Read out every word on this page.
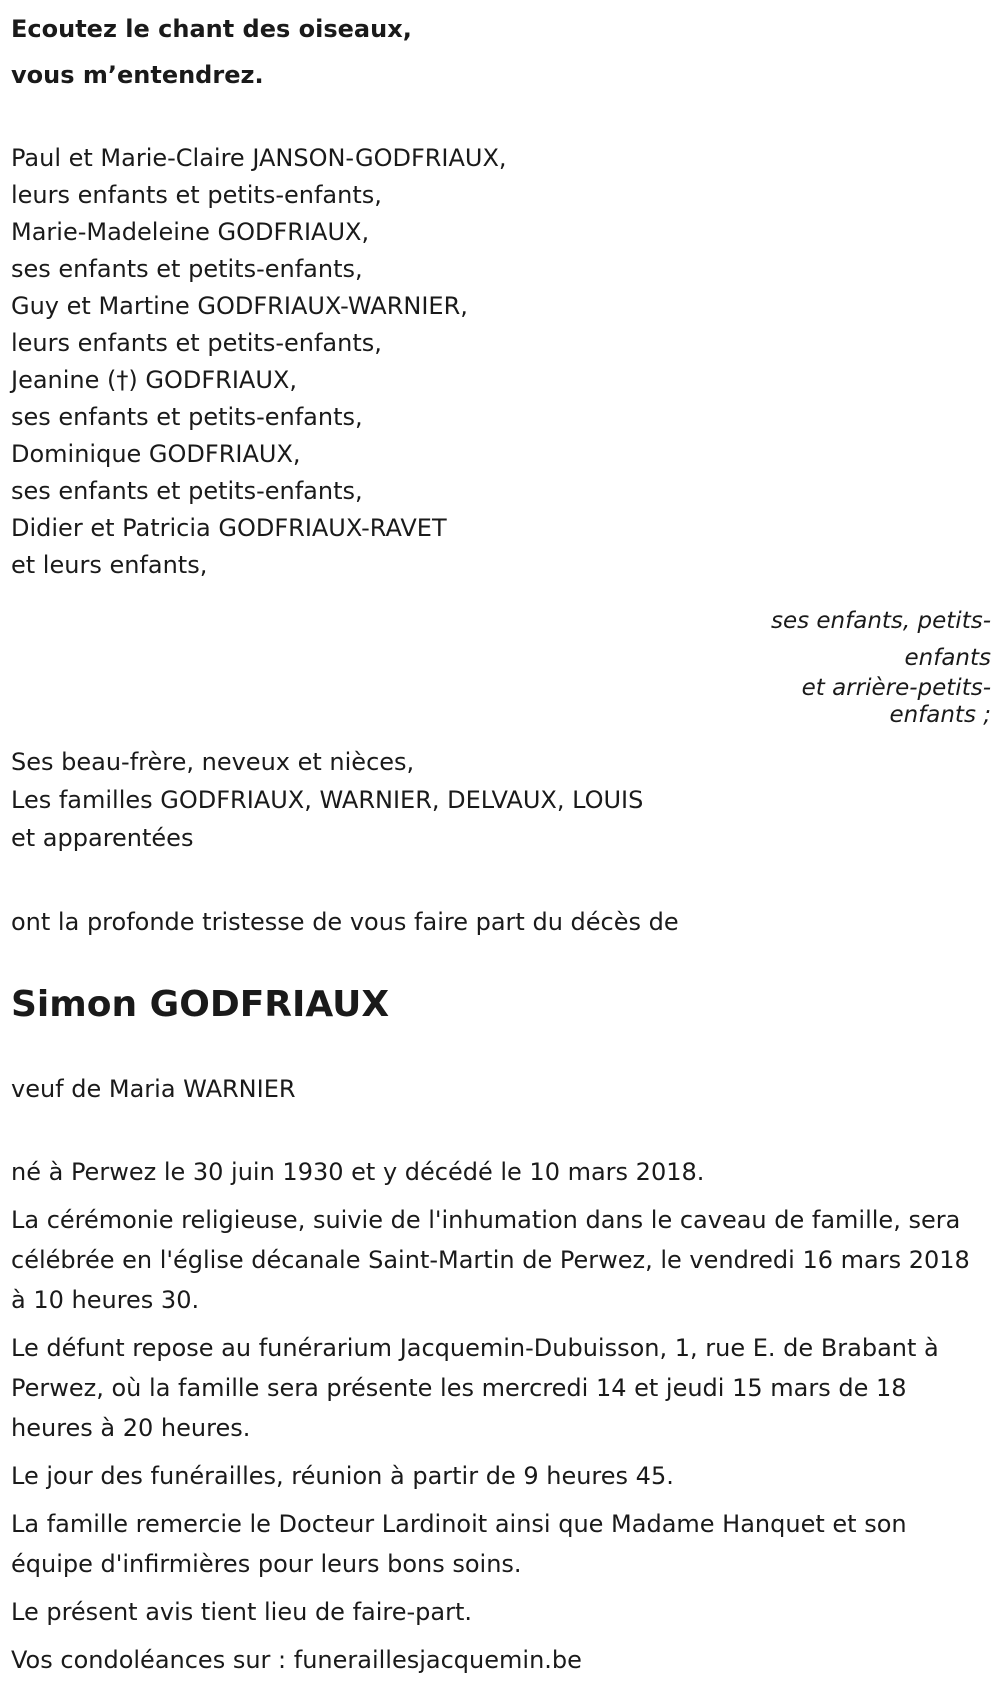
Ecoutez le chant des oiseaux,
vous m’entendrez.
Paul et Marie-Claire JANSON-GODFRIAUX,
leurs enfants et petits-enfants,
Marie-Madeleine GODFRIAUX,
ses enfants et petits-enfants,
Guy et Martine GODFRIAUX-WARNIER,
leurs enfants et petits-enfants,
Jeanine (†) GODFRIAUX,
ses enfants et petits-enfants,
Dominique GODFRIAUX,
ses enfants et petits-enfants,
Didier et Patricia GODFRIAUX-RAVET
et leurs enfants,
ses enfants, petits-
enfants
et arrière-petits-
enfants ;
Ses beau-frère, neveux et nièces,
Les familles GODFRIAUX, WARNIER, DELVAUX, LOUIS
et apparentées
ont la profonde tristesse de vous faire part du décès de
Simon GODFRIAUX
veuf de Maria WARNIER

né à Perwez le 30 juin 1930 et y décédé le 10 mars 2018.

La cérémonie religieuse, suivie de l'inhumation dans le caveau de famille, sera célébrée en l'église décanale Saint-Martin de Perwez, le vendredi 16 mars 2018 à 10 heures 30.

Le défunt repose au funérarium Jacquemin-Dubuisson, 1, rue E. de Brabant à Perwez, où la famille sera présente les mercredi 14 et jeudi 15 mars de 18 heures à 20 heures.

Le jour des funérailles, réunion à partir de 9 heures 45.

La famille remercie le Docteur Lardinoit ainsi que Madame Hanquet et son équipe d'infirmières pour leurs bons soins.

Le présent avis tient lieu de faire-part.

Vos condoléances sur : funeraillesjacquemin.be
